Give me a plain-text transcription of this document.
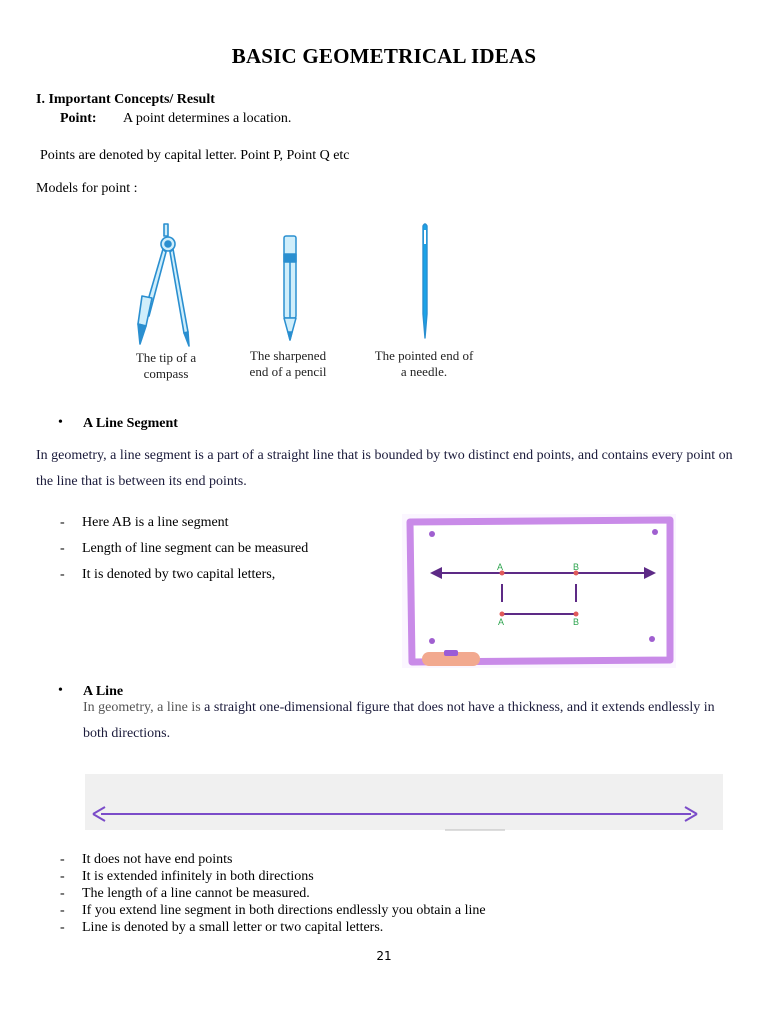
BASIC GEOMETRICAL IDEAS
I. Important Concepts/ Result
Point: A point determines a location.
Points are denoted by capital letter. Point P, Point Q etc
Models for point :
The tip of a
compass
The sharpened
end of a pencil
The pointed end of
a needle.
• A Line Segment
In geometry, a line segment is a part of a straight line that is bounded by two distinct end points, and contains every point on the line that is between its end points.
- Here AB is a line segment
- Length of line segment can be measured
- It is denoted by two capital letters,	A	B
A	B
• A Line
In geometry, a line is a straight one-dimensional figure that does not have a thickness, and it extends endlessly in both directions.
- It does not have end points
- It is extended infinitely in both directions
- The length of a line cannot be measured.
- If you extend line segment in both directions endlessly you obtain a line
- Line is denoted by a small letter or two capital letters.
21
